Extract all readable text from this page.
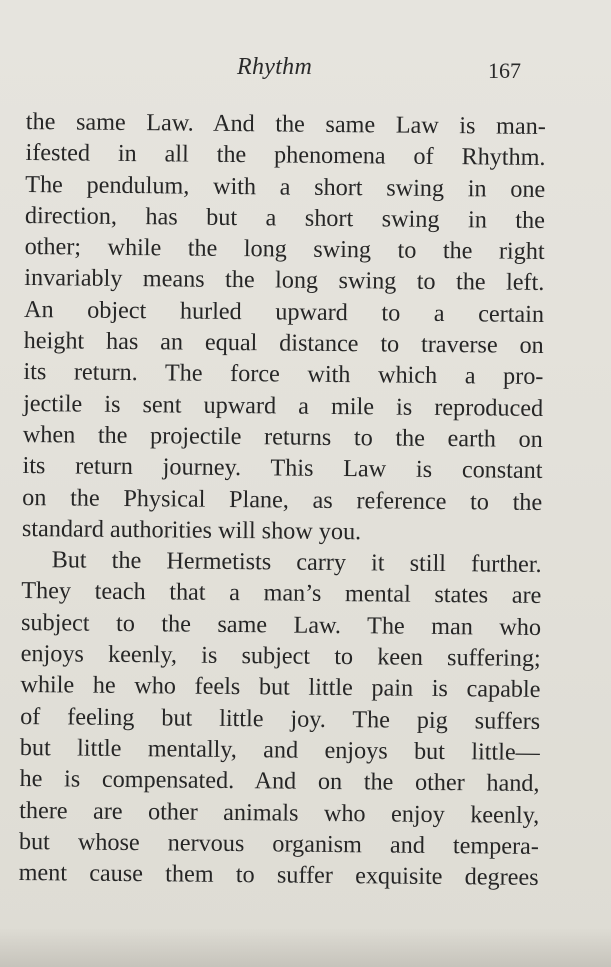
Rhythm	167
the same Law. And the same Law is man-
ifested in all the phenomena of Rhythm.
The pendulum, with a short swing in one
direction, has but a short swing in the
other; while the long swing to the right
invariably means the long swing to the left.
An object hurled upward to a certain
height has an equal distance to traverse on
its return. The force with which a pro-
jectile is sent upward a mile is reproduced
when the projectile returns to the earth on
its return journey. This Law is constant
on the Physical Plane, as reference to the
standard authorities will show you.
But the Hermetists carry it still further.
They teach that a man’s mental states are
subject to the same Law. The man who
enjoys keenly, is subject to keen suffering;
while he who feels but little pain is capable
of feeling but little joy. The pig suffers
but little mentally, and enjoys but little—
he is compensated. And on the other hand,
there are other animals who enjoy keenly,
but whose nervous organism and tempera-
ment cause them to suffer exquisite degrees
